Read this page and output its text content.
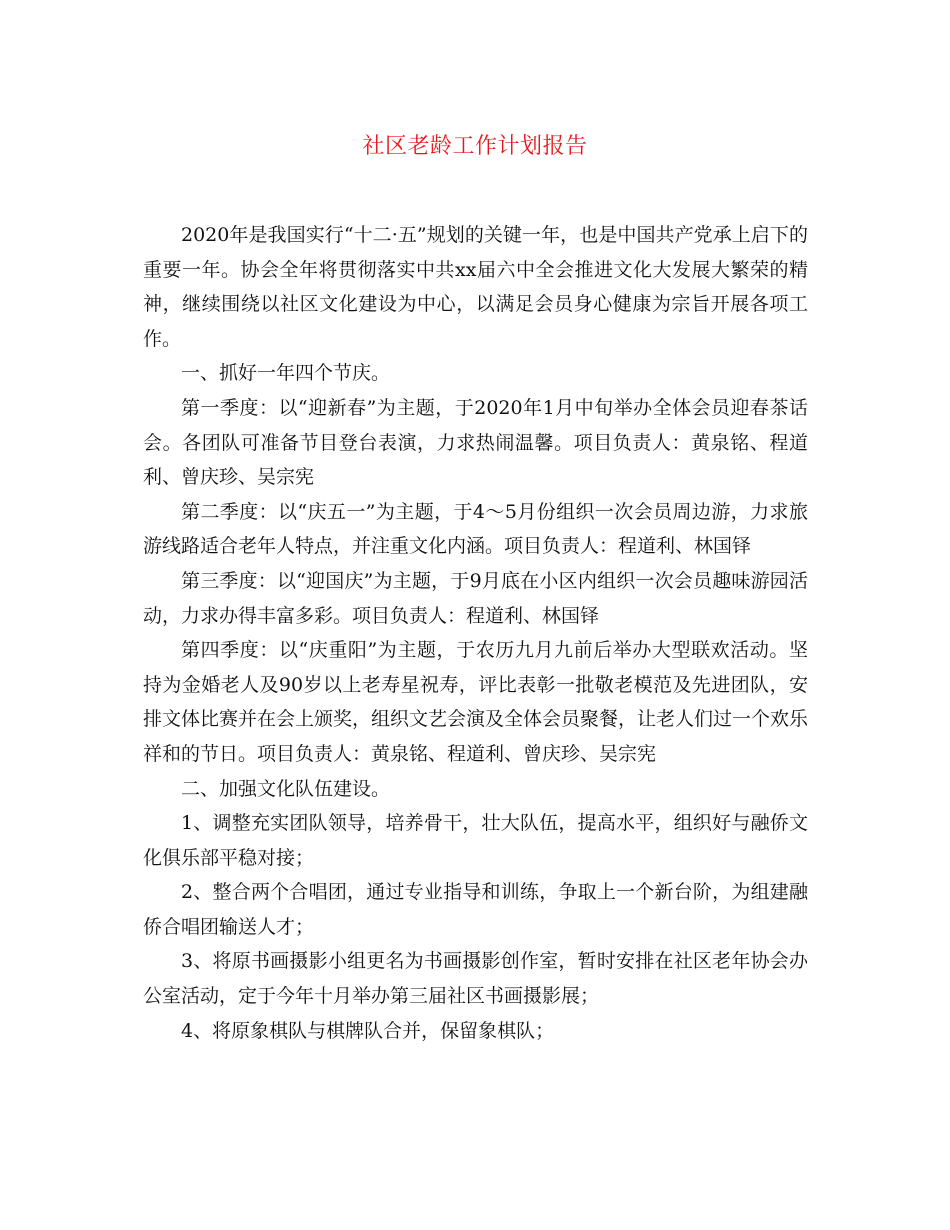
社区老龄工作计划报告

2020年是我国实行“十二·五”规划的关键一年，也是中国共产党承上启下的重要一年。协会全年将贯彻落实中共xx届六中全会推进文化大发展大繁荣的精神，继续围绕以社区文化建设为中心，以满足会员身心健康为宗旨开展各项工作。

一、抓好一年四个节庆。

第一季度：以“迎新春”为主题，于2020年1月中旬举办全体会员迎春茶话会。各团队可准备节目登台表演，力求热闹温馨。项目负责人：黄泉铭、程道利、曾庆珍、吴宗宪

第二季度：以“庆五一”为主题，于4～5月份组织一次会员周边游，力求旅游线路适合老年人特点，并注重文化内涵。项目负责人：程道利、林国铎

第三季度：以“迎国庆”为主题，于9月底在小区内组织一次会员趣味游园活动，力求办得丰富多彩。项目负责人：程道利、林国铎

第四季度：以“庆重阳”为主题，于农历九月九前后举办大型联欢活动。坚持为金婚老人及90岁以上老寿星祝寿，评比表彰一批敬老模范及先进团队，安排文体比赛并在会上颁奖，组织文艺会演及全体会员聚餐，让老人们过一个欢乐祥和的节日。项目负责人：黄泉铭、程道利、曾庆珍、吴宗宪

二、加强文化队伍建设。

1、调整充实团队领导，培养骨干，壮大队伍，提高水平，组织好与融侨文化俱乐部平稳对接；

2、整合两个合唱团，通过专业指导和训练，争取上一个新台阶，为组建融侨合唱团输送人才；

3、将原书画摄影小组更名为书画摄影创作室，暂时安排在社区老年协会办公室活动，定于今年十月举办第三届社区书画摄影展；

4、将原象棋队与棋牌队合并，保留象棋队；
